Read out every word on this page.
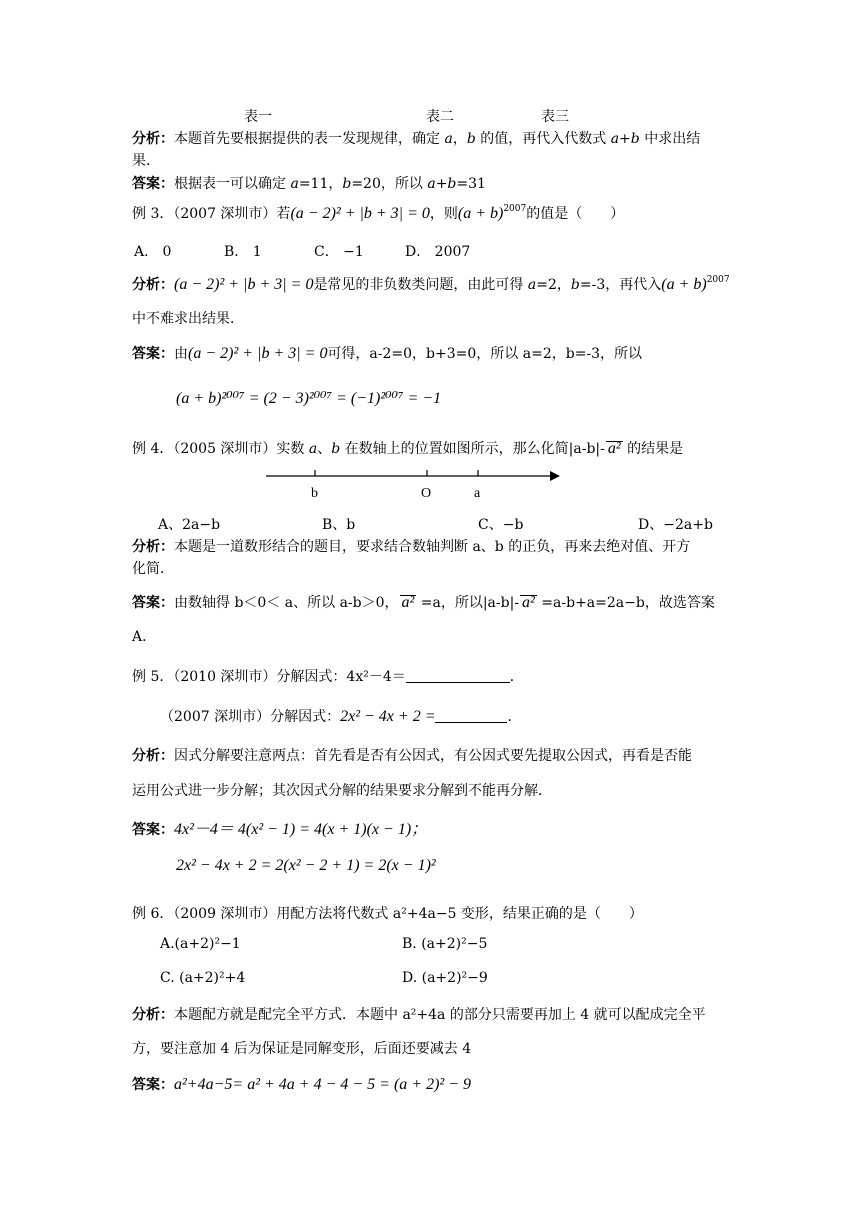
表一	表二	表三
分析：本题首先要根据提供的表一发现规律，确定 a，b 的值，再代入代数式 a+b 中求出结
果．
答案：根据表一可以确定 a=11，b=20，所以 a+b=31
例 3．（2007 深圳市）若(a − 2)² + |b + 3| = 0，则$(a + b)^{2007}$的值是（　　）
A． 0	B． 1	C． −1	D． 2007
分析：(a − 2)² + |b + 3| = 0是常见的非负数类问题，由此可得 a=2，b=-3，再代入$(a + b)^{2007}$
中不难求出结果．
答案：由(a − 2)² + |b + 3| = 0可得，a-2=0，b+3=0，所以 a=2，b=-3，所以
(a + b)²⁰⁰⁷ = (2 − 3)²⁰⁰⁷ = (−1)²⁰⁰⁷ = −1
例 4．（2005 深圳市）实数 a、b 在数轴上的位置如图所示，那么化简|a-b|- a² 的结果是
b	O	a
A、2a−b	B、b	C、−b	D、−2a+b
分析：本题是一道数形结合的题目，要求结合数轴判断 a、b 的正负，再来去绝对值、开方
化简．
答案：由数轴得 b＜0＜ a、所以 a-b＞0， a² =a，所以|a-b|- a² =a-b+a=2a−b，故选答案
A．
例 5．（2010 深圳市）分解因式：4x²－4＝	．
（2007 深圳市）分解因式：2x² − 4x + 2 =	．
分析：因式分解要注意两点：首先看是否有公因式，有公因式要先提取公因式，再看是否能
运用公式进一步分解；其次因式分解的结果要求分解到不能再分解．
答案：4x²－4＝ 4(x² − 1) = 4(x + 1)(x − 1)；
2x² − 4x + 2 = 2(x² − 2 + 1) = 2(x − 1)²
例 6．（2009 深圳市）用配方法将代数式 a²+4a−5 变形，结果正确的是（　　）
A.(a+2)²−1	B. (a+2)²−5
C. (a+2)²+4	D. (a+2)²−9
分析：本题配方就是配完全平方式．本题中 a²+4a 的部分只需要再加上 4 就可以配成完全平
方，要注意加 4 后为保证是同解变形，后面还要减去 4
答案：a²+4a−5= a² + 4a + 4 − 4 − 5 = (a + 2)² − 9
